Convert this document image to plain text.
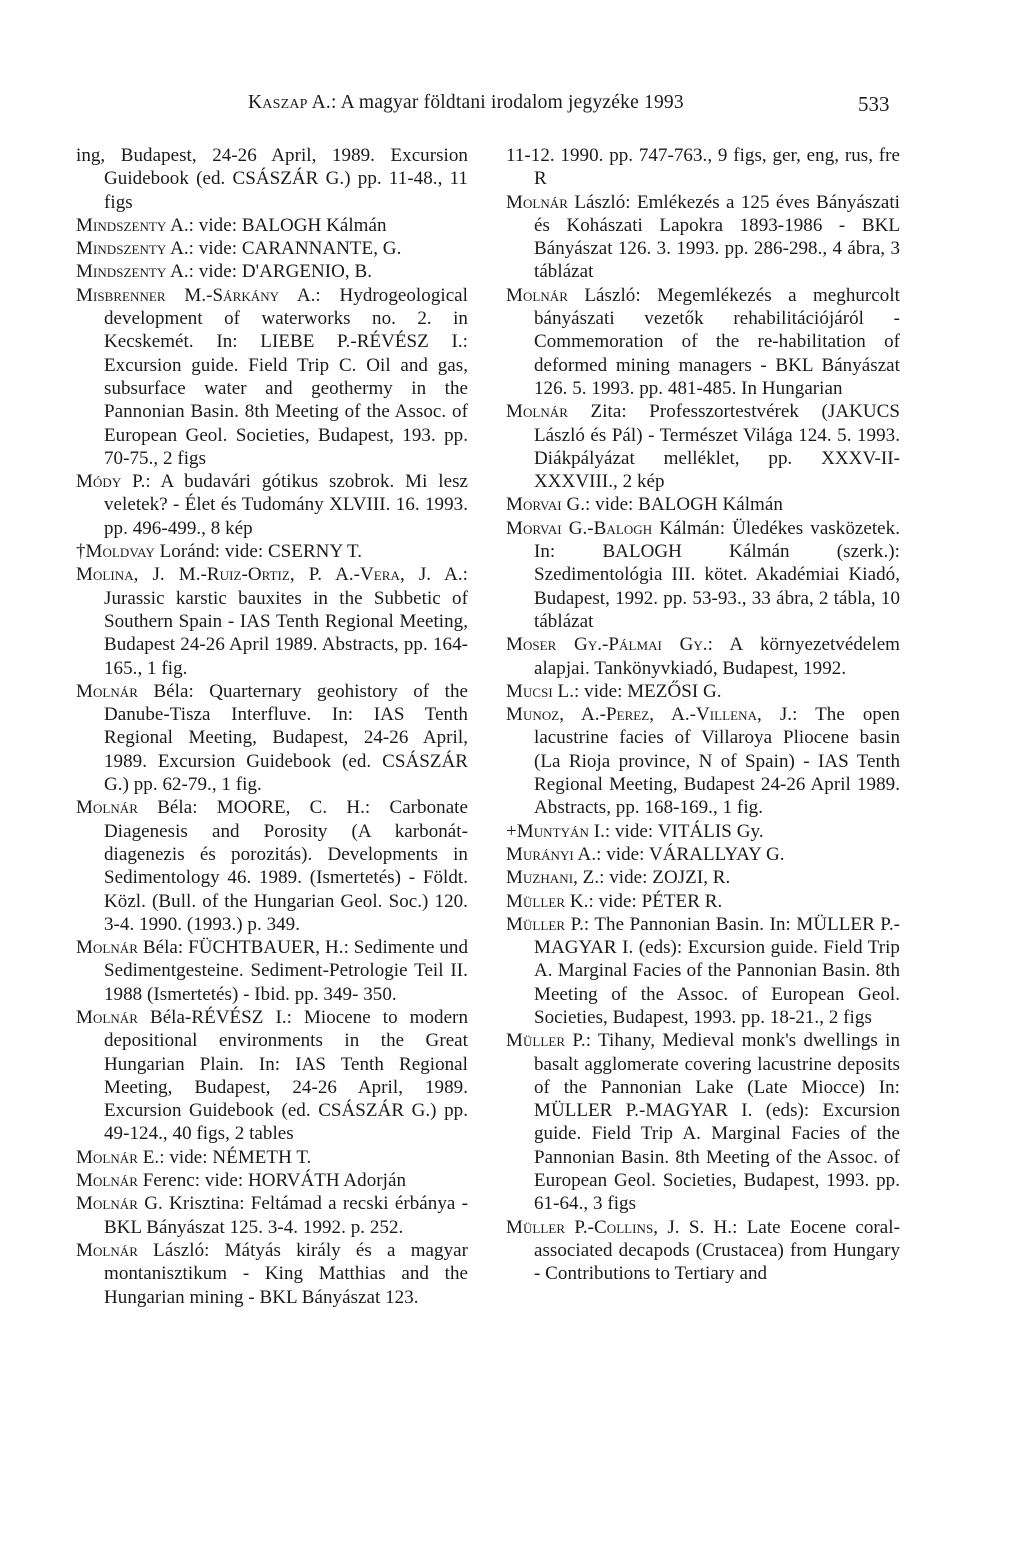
Kaszap A.: A magyar földtani irodalom jegyzéke 1993	533

ing, Budapest, 24-26 April, 1989. Excursion Guidebook (ed. CSÁSZÁR G.) pp. 11-48., 11 figs

Mindszenty A.: vide: BALOGH Kálmán

Mindszenty A.: vide: CARANNANTE, G.

Mindszenty A.: vide: D'ARGENIO, B.

Misbrenner M.-Sárkány A.: Hydrogeological development of waterworks no. 2. in Kecskemét. In: LIEBE P.-RÉVÉSZ I.: Excursion guide. Field Trip C. Oil and gas, subsurface water and geothermy in the Pannonian Basin. 8th Meeting of the Assoc. of European Geol. Societies, Budapest, 193. pp. 70-75., 2 figs

Módy P.: A budavári gótikus szobrok. Mi lesz veletek? - Élet és Tudomány XLVIII. 16. 1993. pp. 496-499., 8 kép

†Moldvay Loránd: vide: CSERNY T.

Molina, J. M.-Ruiz-Ortiz, P. A.-Vera, J. A.: Jurassic karstic bauxites in the Subbetic of Southern Spain - IAS Tenth Regional Meeting, Budapest 24-26 April 1989. Abstracts, pp. 164-165., 1 fig.

Molnár Béla: Quarternary geohistory of the Danube-Tisza Interfluve. In: IAS Tenth Regional Meeting, Budapest, 24-26 April, 1989. Excursion Guidebook (ed. CSÁSZÁR G.) pp. 62-79., 1 fig.

Molnár Béla: MOORE, C. H.: Carbonate Diagenesis and Porosity (A karbonát-diagenezis és porozitás). Developments in Sedimentology 46. 1989. (Ismertetés) - Földt. Közl. (Bull. of the Hungarian Geol. Soc.) 120. 3-4. 1990. (1993.) p. 349.

Molnár Béla: FÜCHTBAUER, H.: Sedimente und Sedimentgesteine. Sediment-Petrologie Teil II. 1988 (Ismertetés) - Ibid. pp. 349- 350.

Molnár Béla-RÉVÉSZ I.: Miocene to modern depositional environments in the Great Hungarian Plain. In: IAS Tenth Regional Meeting, Budapest, 24-26 April, 1989. Excursion Guidebook (ed. CSÁSZÁR G.) pp. 49-124., 40 figs, 2 tables

Molnár E.: vide: NÉMETH T.

Molnár Ferenc: vide: HORVÁTH Adorján

Molnár G. Krisztina: Feltámad a recski érbánya - BKL Bányászat 125. 3-4. 1992. p. 252.

Molnár László: Mátyás király és a magyar montanisztikum - King Matthias and the Hungarian mining - BKL Bányászat 123.

11-12. 1990. pp. 747-763., 9 figs, ger, eng, rus, fre R

Molnár László: Emlékezés a 125 éves Bányászati és Kohászati Lapokra 1893-1986 - BKL Bányászat 126. 3. 1993. pp. 286-298., 4 ábra, 3 táblázat

Molnár László: Megemlékezés a meghurcolt bányászati vezetők rehabilitációjáról - Commemoration of the re-habilitation of deformed mining managers - BKL Bányászat 126. 5. 1993. pp. 481-485. In Hungarian

Molnár Zita: Professzortestvérek (JAKUCS László és Pál) - Természet Világa 124. 5. 1993. Diákpályázat melléklet, pp. XXXV-II-XXXVIII., 2 kép

Morvai G.: vide: BALOGH Kálmán

Morvai G.-Balogh Kálmán: Üledékes vasközetek. In: BALOGH Kálmán (szerk.): Szedimentológia III. kötet. Akadémiai Kiadó, Budapest, 1992. pp. 53-93., 33 ábra, 2 tábla, 10 táblázat

Moser Gy.-Pálmai Gy.: A környezetvédelem alapjai. Tankönyvkiadó, Budapest, 1992.

Mucsi L.: vide: MEZŐSI G.

Munoz, A.-Perez, A.-Villena, J.: The open lacustrine facies of Villaroya Pliocene basin (La Rioja province, N of Spain) - IAS Tenth Regional Meeting, Budapest 24-26 April 1989. Abstracts, pp. 168-169., 1 fig.

+Muntyán I.: vide: VITÁLIS Gy.

Murányi A.: vide: VÁRALLYAY G.

Muzhani, Z.: vide: ZOJZI, R.

Müller K.: vide: PÉTER R.

Müller P.: The Pannonian Basin. In: MÜLLER P.-MAGYAR I. (eds): Excursion guide. Field Trip A. Marginal Facies of the Pannonian Basin. 8th Meeting of the Assoc. of European Geol. Societies, Budapest, 1993. pp. 18-21., 2 figs

Müller P.: Tihany, Medieval monk's dwellings in basalt agglomerate covering lacustrine deposits of the Pannonian Lake (Late Miocce) In: MÜLLER P.-MAGYAR I. (eds): Excursion guide. Field Trip A. Marginal Facies of the Pannonian Basin. 8th Meeting of the Assoc. of European Geol. Societies, Budapest, 1993. pp. 61-64., 3 figs

Müller P.-Collins, J. S. H.: Late Eocene coral-associated decapods (Crustacea) from Hungary - Contributions to Tertiary and
